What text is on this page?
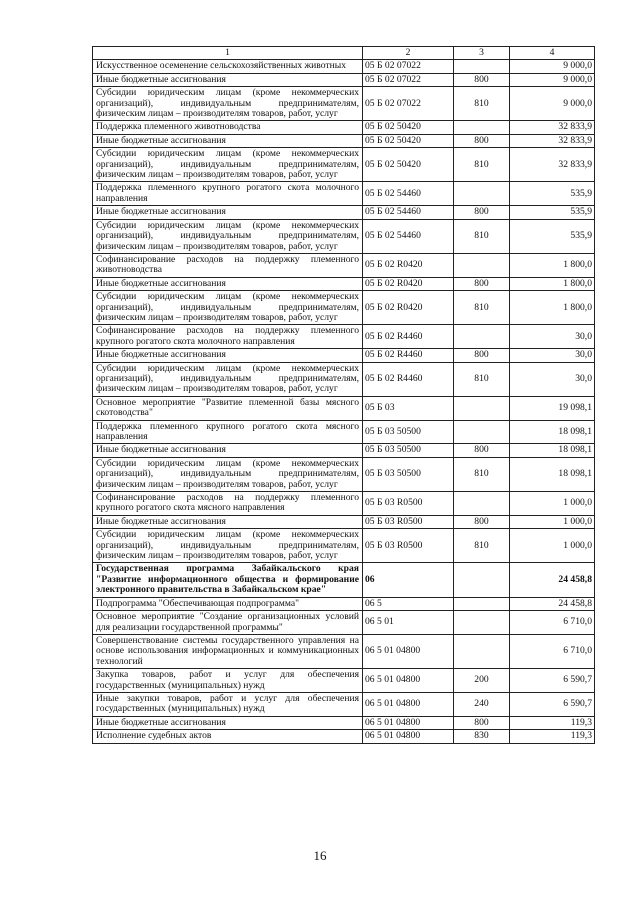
1	2	3	4
Искусственное осеменение сельскохозяйственных животных	05 Б 02 07022		9 000,0
Иные бюджетные ассигнования	05 Б 02 07022	800	9 000,0
Субсидии юридическим лицам (кроме некоммерческих организаций), индивидуальным предпринимателям, физическим лицам – производителям товаров, работ, услуг	05 Б 02 07022	810	9 000,0
Поддержка племенного животноводства	05 Б 02 50420		32 833,9
Иные бюджетные ассигнования	05 Б 02 50420	800	32 833,9
Субсидии юридическим лицам (кроме некоммерческих организаций), индивидуальным предпринимателям, физическим лицам – производителям товаров, работ, услуг	05 Б 02 50420	810	32 833,9
Поддержка племенного крупного рогатого скота молочного направления	05 Б 02 54460		535,9
Иные бюджетные ассигнования	05 Б 02 54460	800	535,9
Субсидии юридическим лицам (кроме некоммерческих организаций), индивидуальным предпринимателям, физическим лицам – производителям товаров, работ, услуг	05 Б 02 54460	810	535,9
Софинансирование расходов на поддержку племенного животноводства	05 Б 02 R0420		1 800,0
Иные бюджетные ассигнования	05 Б 02 R0420	800	1 800,0
Субсидии юридическим лицам (кроме некоммерческих организаций), индивидуальным предпринимателям, физическим лицам – производителям товаров, работ, услуг	05 Б 02 R0420	810	1 800,0
Софинансирование расходов на поддержку племенного крупного рогатого скота молочного направления	05 Б 02 R4460		30,0
Иные бюджетные ассигнования	05 Б 02 R4460	800	30,0
Субсидии юридическим лицам (кроме некоммерческих организаций), индивидуальным предпринимателям, физическим лицам – производителям товаров, работ, услуг	05 Б 02 R4460	810	30,0
Основное мероприятие "Развитие племенной базы мясного скотоводства"	05 Б 03		19 098,1
Поддержка племенного крупного рогатого скота мясного направления	05 Б 03 50500		18 098,1
Иные бюджетные ассигнования	05 Б 03 50500	800	18 098,1
Субсидии юридическим лицам (кроме некоммерческих организаций), индивидуальным предпринимателям, физическим лицам – производителям товаров, работ, услуг	05 Б 03 50500	810	18 098,1
Софинансирование расходов на поддержку племенного крупного рогатого скота мясного направления	05 Б 03 R0500		1 000,0
Иные бюджетные ассигнования	05 Б 03 R0500	800	1 000,0
Субсидии юридическим лицам (кроме некоммерческих организаций), индивидуальным предпринимателям, физическим лицам – производителям товаров, работ, услуг	05 Б 03 R0500	810	1 000,0
Государственная программа Забайкальского края "Развитие информационного общества и формирование электронного правительства в Забайкальском крае"	06		24 458,8
Подпрограмма "Обеспечивающая подпрограмма"	06 5		24 458,8
Основное мероприятие "Создание организационных условий для реализации государственной программы"	06 5 01		6 710,0
Совершенствование системы государственного управления на основе использования информационных и коммуникационных технологий	06 5 01 04800		6 710,0
Закупка товаров, работ и услуг для обеспечения государственных (муниципальных) нужд	06 5 01 04800	200	6 590,7
Иные закупки товаров, работ и услуг для обеспечения государственных (муниципальных) нужд	06 5 01 04800	240	6 590,7
Иные бюджетные ассигнования	06 5 01 04800	800	119,3
Исполнение судебных актов	06 5 01 04800	830	119,3
16
